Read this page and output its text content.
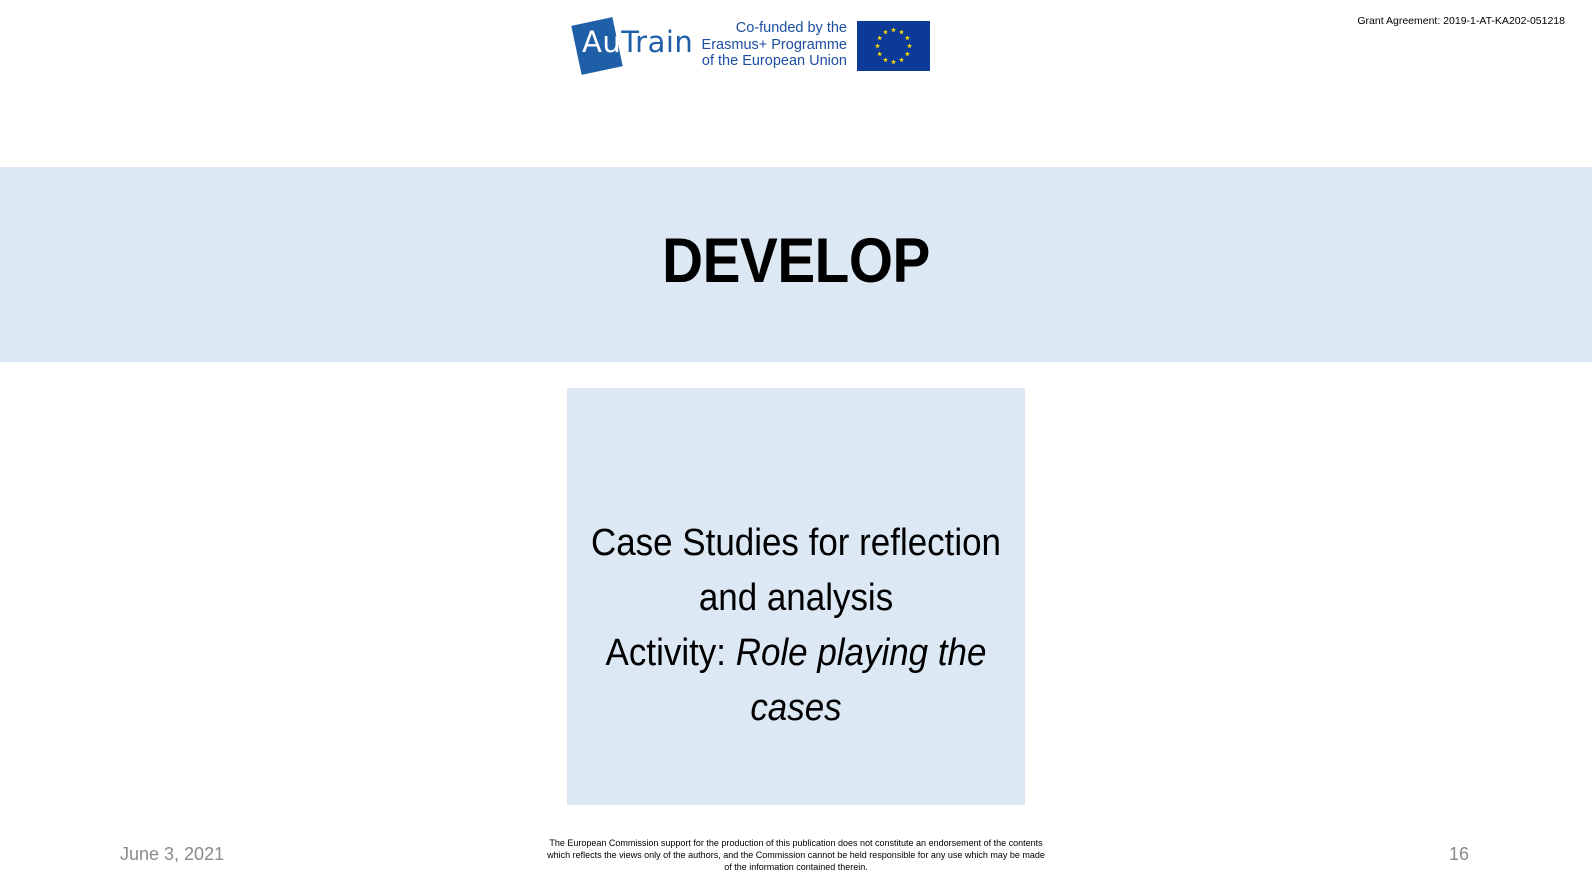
AuTrain	Co-funded by the
Erasmus+ Programme
of the European Union
Grant Agreement: 2019-1-AT-KA202-051218
DEVELOP
Case Studies for reflection
and analysis
Activity: Role playing the
cases
June 3, 2021
The European Commission support for the production of this publication does not constitute an endorsement of the contents
which reflects the views only of the authors, and the Commission cannot be held responsible for any use which may be made
of the information contained therein.
16
